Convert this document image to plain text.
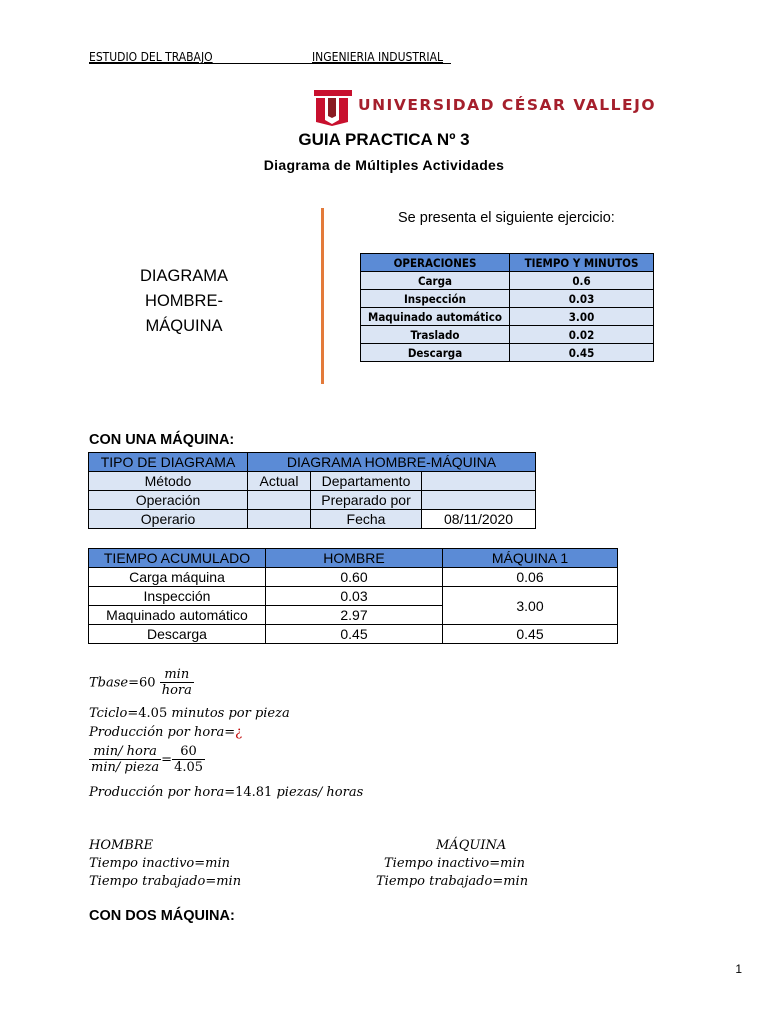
ESTUDIO DEL TRABAJO	INGENIERIA INDUSTRIAL
UNIVERSIDAD CÉSAR VALLEJO
GUIA PRACTICA Nº 3
Diagrama de Múltiples Actividades
DIAGRAMA
HOMBRE-
MÁQUINA
Se presenta el siguiente ejercicio:
OPERACIONES	TIEMPO Y MINUTOS
Carga	0.6
Inspección	0.03
Maquinado automático	3.00
Traslado	0.02
Descarga	0.45
CON UNA MÁQUINA:
TIPO DE DIAGRAMA	DIAGRAMA HOMBRE-MÁQUINA		
Método	Actual	Departamento	
Operación		Preparado por	
Operario		Fecha	08/11/2020
TIEMPO ACUMULADO	HOMBRE	MÁQUINA 1
Carga máquina	0.60	0.06
Inspección	0.03	3.00
Maquinado automático	2.97	
Descarga	0.45	0.45
Tbase=60 $\frac{\min}{\text{hora}}$
Tciclo=4.05 minutos por pieza
Producción por hora=¿
$\frac{\text{min/ hora}}{\text{min/ pieza}} = \frac{60}{4.05}$
Producción por hora=14.81 piezas/ horas
HOMBRE
Tiempo inactivo=min
Tiempo trabajado=min
MÁQUINA
Tiempo inactivo=min
Tiempo trabajado=min
CON DOS MÁQUINA:
1
